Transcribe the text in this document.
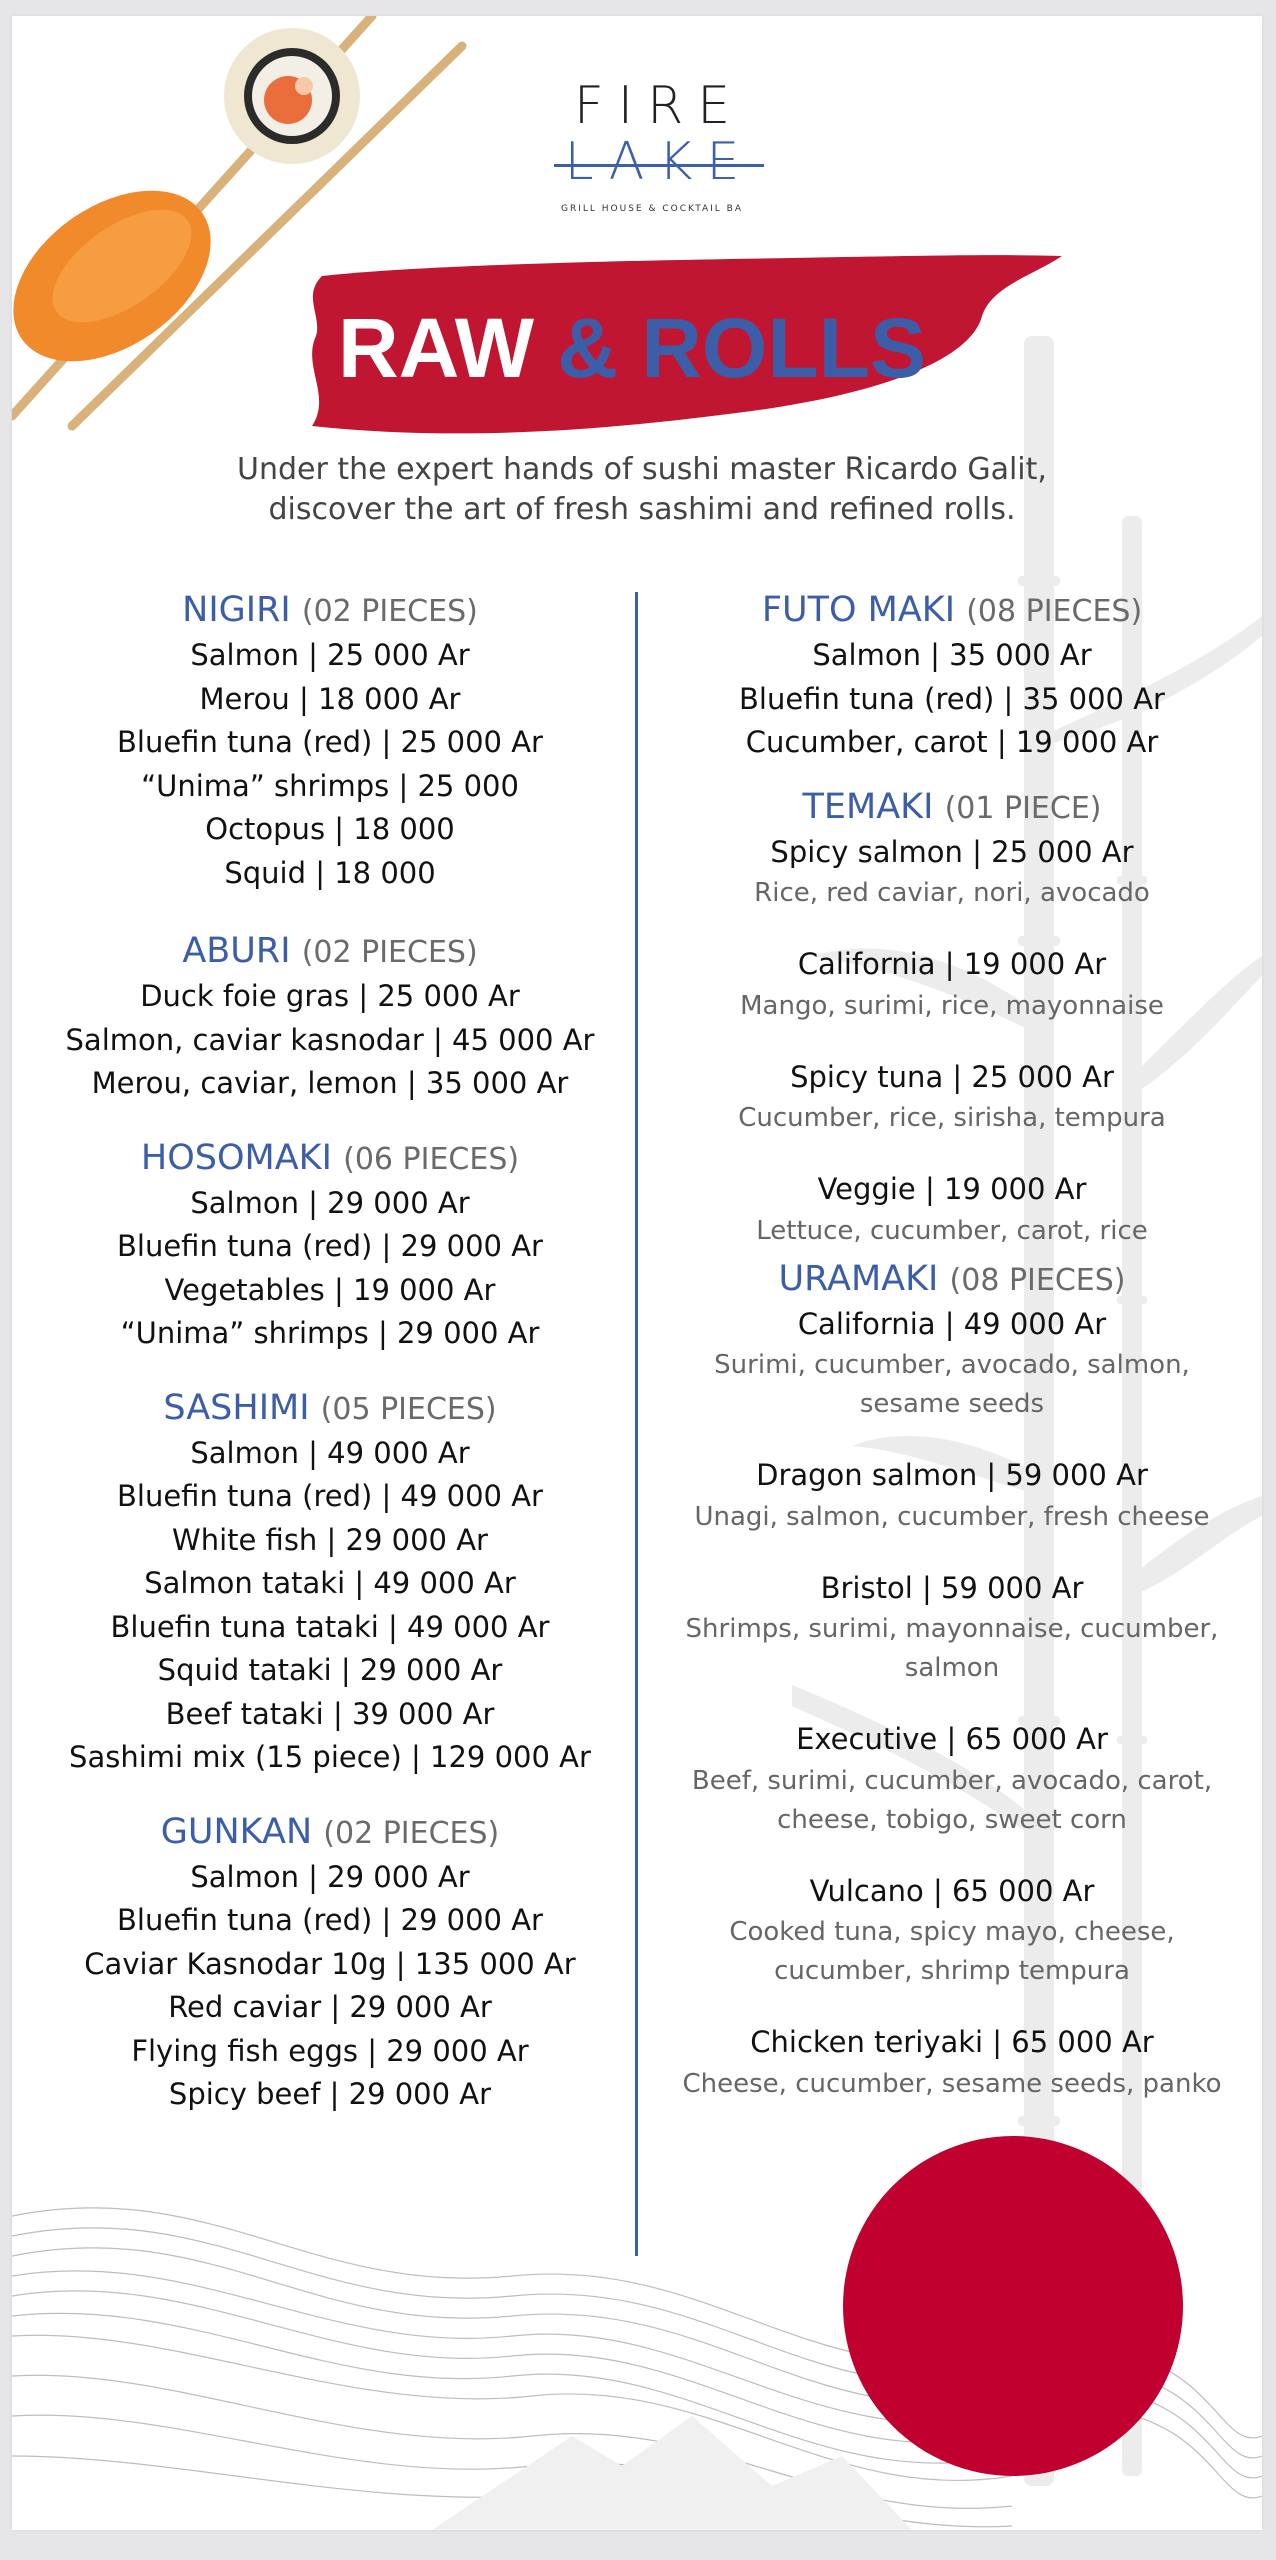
FIRE
LAKE
GRILL HOUSE & COCKTAIL BA
RAW & ROLLS
Under the expert hands of sushi master Ricardo Galit,
discover the art of fresh sashimi and refined rolls.
NIGIRI (02 PIECES)
Salmon | 25 000 Ar
Merou | 18 000 Ar
Bluefin tuna (red) | 25 000 Ar
“Unima” shrimps | 25 000
Octopus | 18 000
Squid | 18 000
ABURI (02 PIECES)
Duck foie gras | 25 000 Ar
Salmon, caviar kasnodar | 45 000 Ar
Merou, caviar, lemon | 35 000 Ar
HOSOMAKI (06 PIECES)
Salmon | 29 000 Ar
Bluefin tuna (red) | 29 000 Ar
Vegetables | 19 000 Ar
“Unima” shrimps | 29 000 Ar
SASHIMI (05 PIECES)
Salmon | 49 000 Ar
Bluefin tuna (red) | 49 000 Ar
White fish | 29 000 Ar
Salmon tataki | 49 000 Ar
Bluefin tuna tataki | 49 000 Ar
Squid tataki | 29 000 Ar
Beef tataki | 39 000 Ar
Sashimi mix (15 piece) | 129 000 Ar
GUNKAN (02 PIECES)
Salmon | 29 000 Ar
Bluefin tuna (red) | 29 000 Ar
Caviar Kasnodar 10g | 135 000 Ar
Red caviar | 29 000 Ar
Flying fish eggs | 29 000 Ar
Spicy beef | 29 000 Ar
FUTO MAKI (08 PIECES)
Salmon | 35 000 Ar
Bluefin tuna (red) | 35 000 Ar
Cucumber, carot | 19 000 Ar
TEMAKI (01 PIECE)
Spicy salmon | 25 000 Ar
Rice, red caviar, nori, avocado
California | 19 000 Ar
Mango, surimi, rice, mayonnaise
Spicy tuna | 25 000 Ar
Cucumber, rice, sirisha, tempura
Veggie | 19 000 Ar
Lettuce, cucumber, carot, rice
URAMAKI (08 PIECES)
California | 49 000 Ar
Surimi, cucumber, avocado, salmon,
sesame seeds
Dragon salmon | 59 000 Ar
Unagi, salmon, cucumber, fresh cheese
Bristol | 59 000 Ar
Shrimps, surimi, mayonnaise, cucumber,
salmon
Executive | 65 000 Ar
Beef, surimi, cucumber, avocado, carot,
cheese, tobigo, sweet corn
Vulcano | 65 000 Ar
Cooked tuna, spicy mayo, cheese,
cucumber, shrimp tempura
Chicken teriyaki | 65 000 Ar
Cheese, cucumber, sesame seeds, panko
